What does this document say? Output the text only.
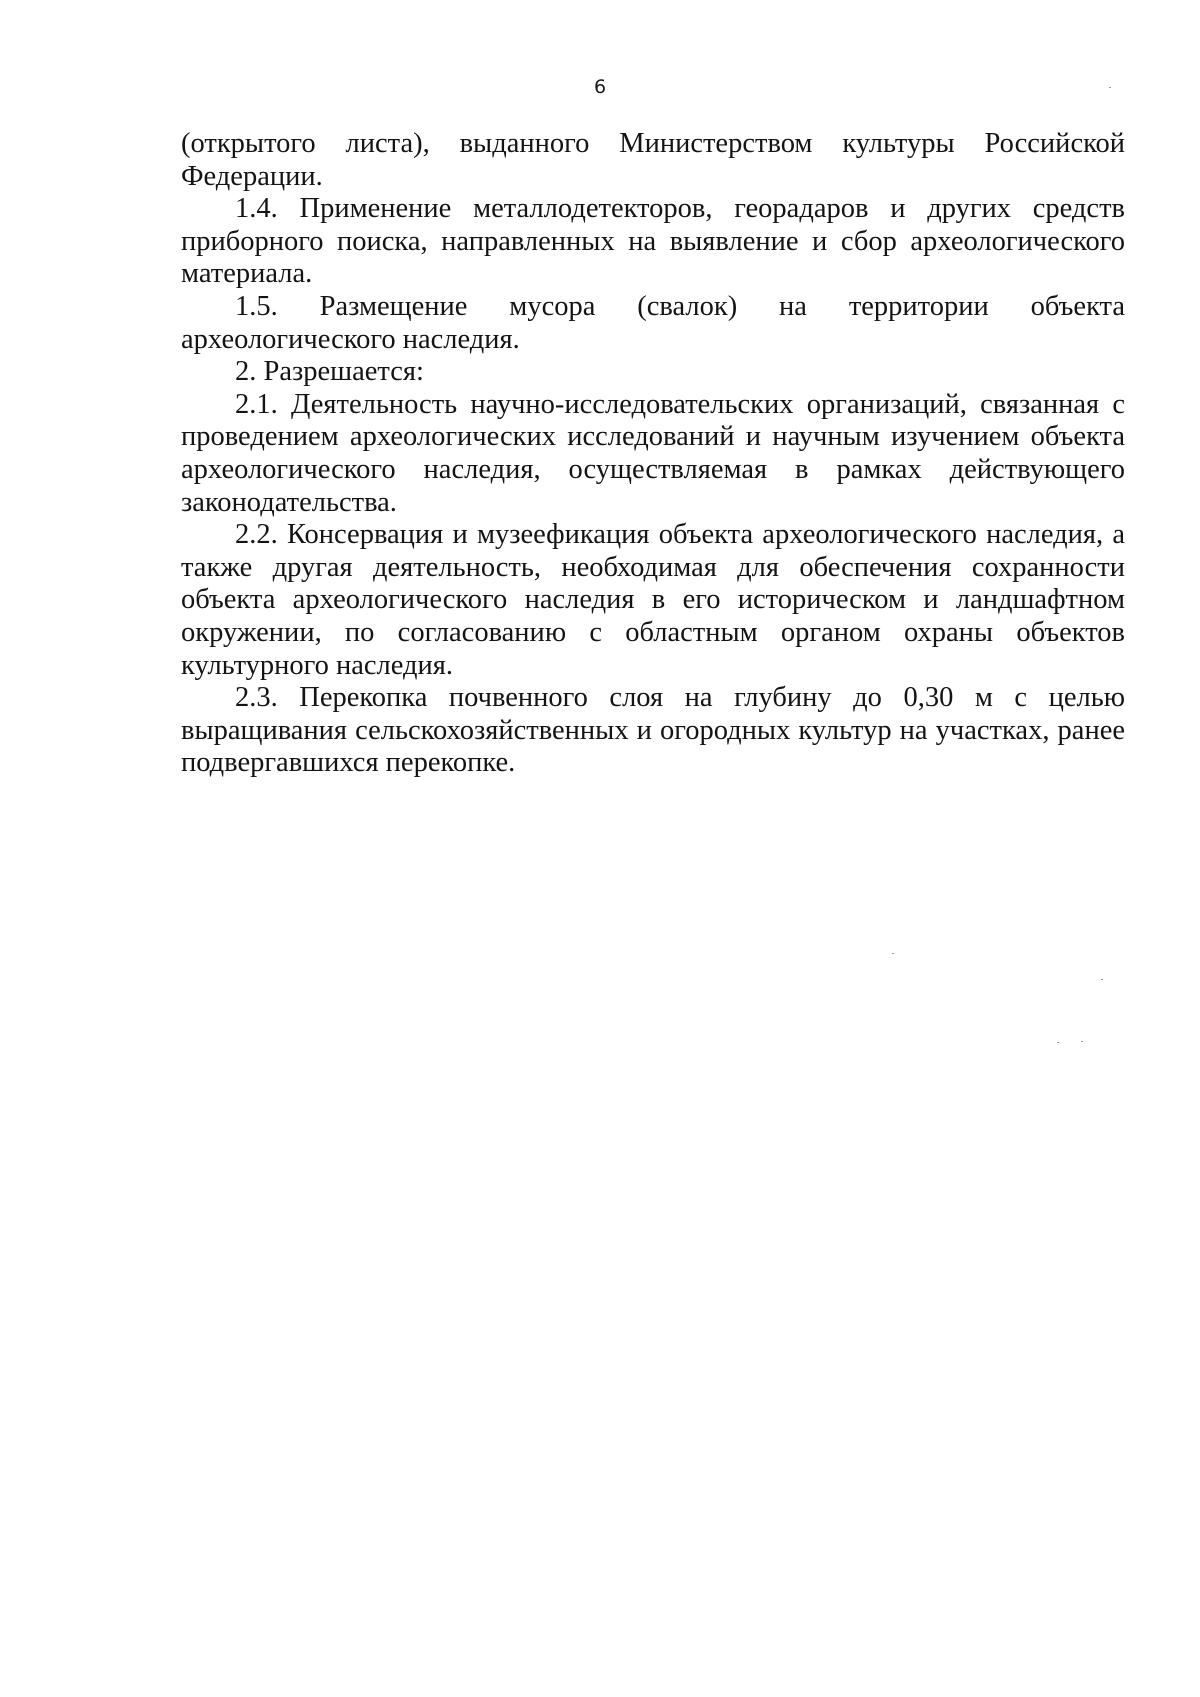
6

(открытого листа), выданного Министерством культуры Российской Федерации.

1.4. Применение металлодетекторов, георадаров и других средств приборного поиска, направленных на выявление и сбор археологического материала.

1.5. Размещение мусора (свалок) на территории объекта археологического наследия.

2. Разрешается:

2.1. Деятельность научно-исследовательских организаций, связанная с проведением археологических исследований и научным изучением объекта археологического наследия, осуществляемая в рамках действующего законодательства.

2.2. Консервация и музеефикация объекта археологического наследия, а также другая деятельность, необходимая для обеспечения сохранности объекта археологического наследия в его историческом и ландшафтном окружении, по согласованию с областным органом охраны объектов культурного наследия.

2.3. Перекопка почвенного слоя на глубину до 0,30 м с целью выращивания сельскохозяйственных и огородных культур на участках, ранее подвергавшихся перекопке.
